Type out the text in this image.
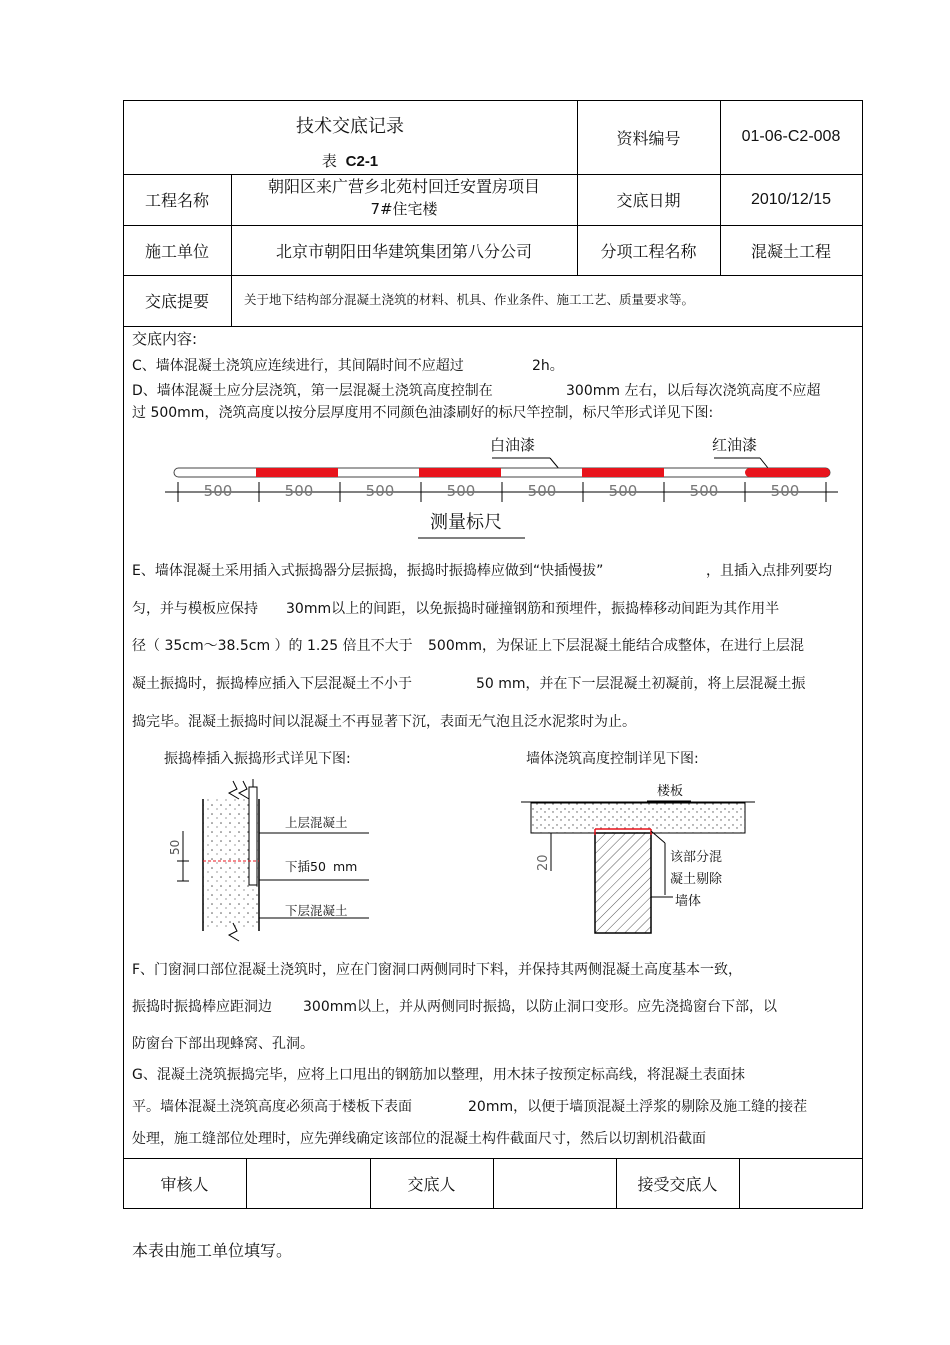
技术交底记录
表 C2-1
资料编号	01-06-C2-008
工程名称
朝阳区来广营乡北苑村回迁安置房项目
7#住宅楼	交底日期	2010/12/15
施工单位	北京市朝阳田华建筑集团第八分公司	分项工程名称	混凝土工程
交底提要	关于地下结构部分混凝土浇筑的材料、机具、作业条件、施工工艺、质量要求等。
交底内容:
C、墙体混凝土浇筑应连续进行，其间隔时间不应超过	2h。
D、墙体混凝土应分层浇筑，第一层混凝土浇筑高度控制在	300mm 左右，以后每次浇筑高度不应超
过 500mm，浇筑高度以按分层厚度用不同颜色油漆刷好的标尺竿控制，标尺竿形式详见下图:
白油漆	红油漆
500	500	500	500	500	500	500	500
测量标尺
E、墙体混凝土采用插入式振捣器分层振捣，振捣时振捣棒应做到“快插慢拔”	，且插入点排列要均
匀，并与模板应保持 30mm以上的间距，以免振捣时碰撞钢筋和预埋件，振捣棒移动间距为其作用半
径（ 35cm～38.5cm ）的 1.25 倍且不大于 500mm，为保证上下层混凝土能结合成整体，在进行上层混
凝土振捣时，振捣棒应插入下层混凝土不小于	50 mm，并在下一层混凝土初凝前，将上层混凝土振
捣完毕。混凝土振捣时间以混凝土不再显著下沉，表面无气泡且泛水泥浆时为止。
振捣棒插入振捣形式详见下图:	墙体浇筑高度控制详见下图:
上层混凝土
下插50 mm
下层混凝土
50
楼板
20	该部分混
凝土剔除
墙体
F、门窗洞口部位混凝土浇筑时，应在门窗洞口两侧同时下料，并保持其两侧混凝土高度基本一致，
振捣时振捣棒应距洞边 300mm以上，并从两侧同时振捣，以防止洞口变形。应先浇捣窗台下部，以
防窗台下部出现蜂窝、孔洞。
G、混凝土浇筑振捣完毕，应将上口甩出的钢筋加以整理，用木抹子按预定标高线，将混凝土表面抹
平。墙体混凝土浇筑高度必须高于楼板下表面	20mm，以便于墙顶混凝土浮浆的剔除及施工缝的接茬
处理，施工缝部位处理时，应先弹线确定该部位的混凝土构件截面尺寸，然后以切割机沿截面
审核人	交底人	接受交底人
本表由施工单位填写。
